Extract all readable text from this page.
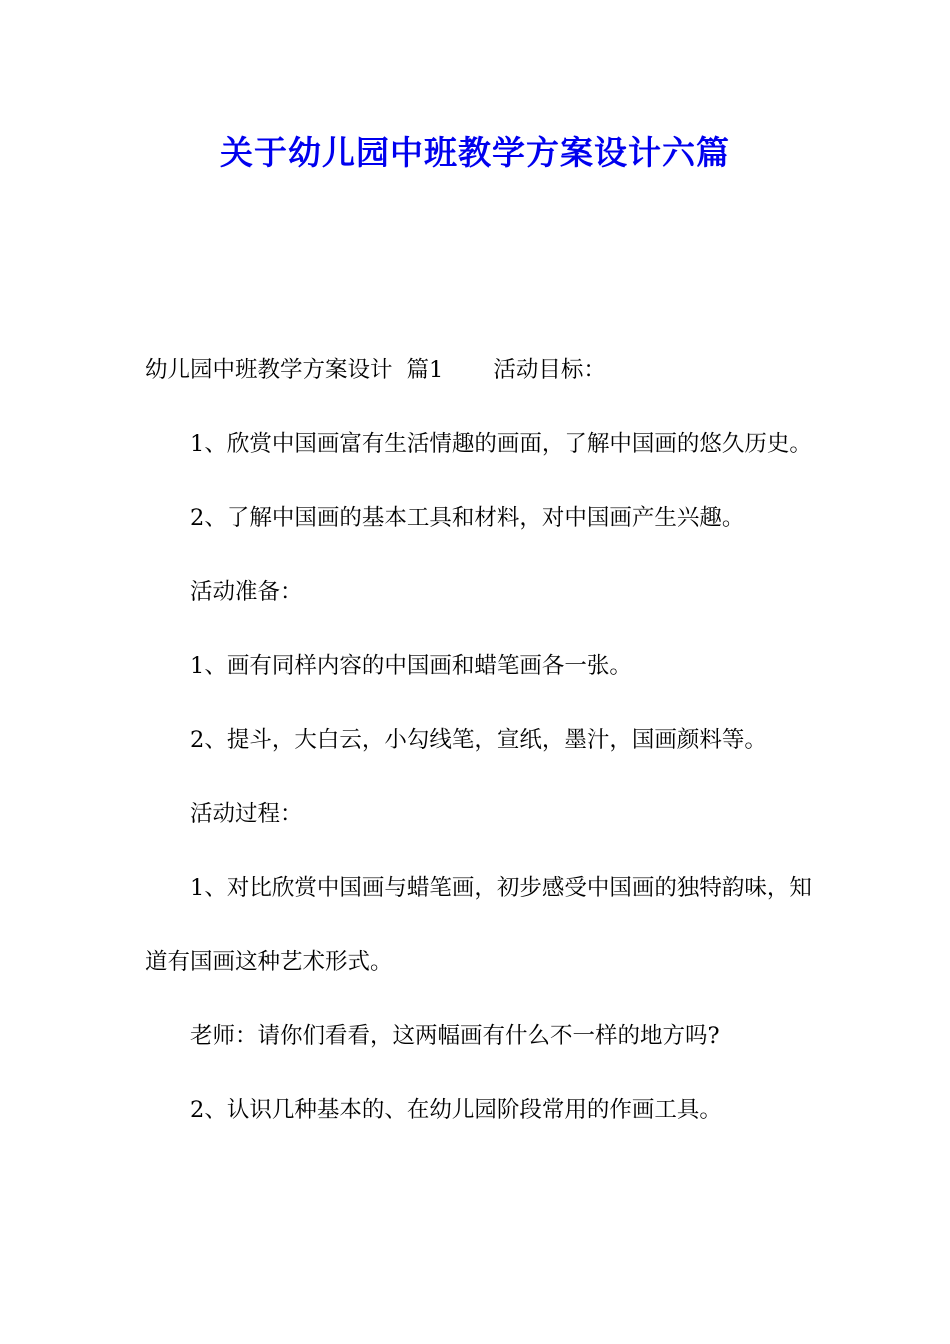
关于幼儿园中班教学方案设计六篇

幼儿园中班教学方案设计 篇1 活动目标：

1、欣赏中国画富有生活情趣的画面，了解中国画的悠久历史。

2、了解中国画的基本工具和材料，对中国画产生兴趣。

活动准备：

1、画有同样内容的中国画和蜡笔画各一张。

2、提斗，大白云，小勾线笔，宣纸，墨汁，国画颜料等。

活动过程：

1、对比欣赏中国画与蜡笔画，初步感受中国画的独特韵味，知道有国画这种艺术形式。

老师：请你们看看，这两幅画有什么不一样的地方吗?

2、认识几种基本的、在幼儿园阶段常用的作画工具。
